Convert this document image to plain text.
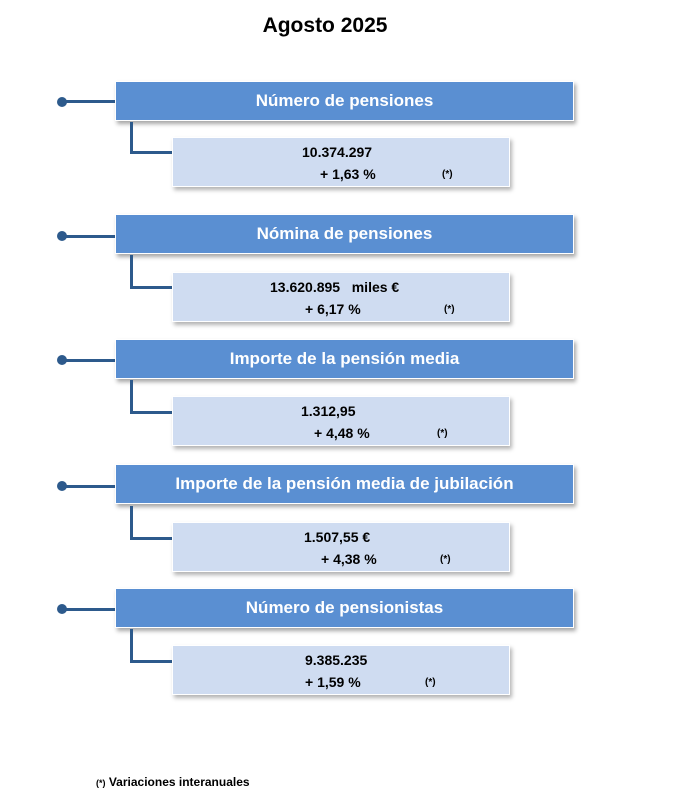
Agosto 2025
Número de pensiones
10.374.297
+ 1,63 %	(*)
Nómina de pensiones
13.620.895   miles €
+ 6,17 %	(*)
Importe de la pensión media
1.312,95
+ 4,48 %	(*)
Importe de la pensión media de jubilación
1.507,55 €
+ 4,38 %	(*)
Número de pensionistas
9.385.235
+ 1,59 %	(*)
(*) Variaciones interanuales
